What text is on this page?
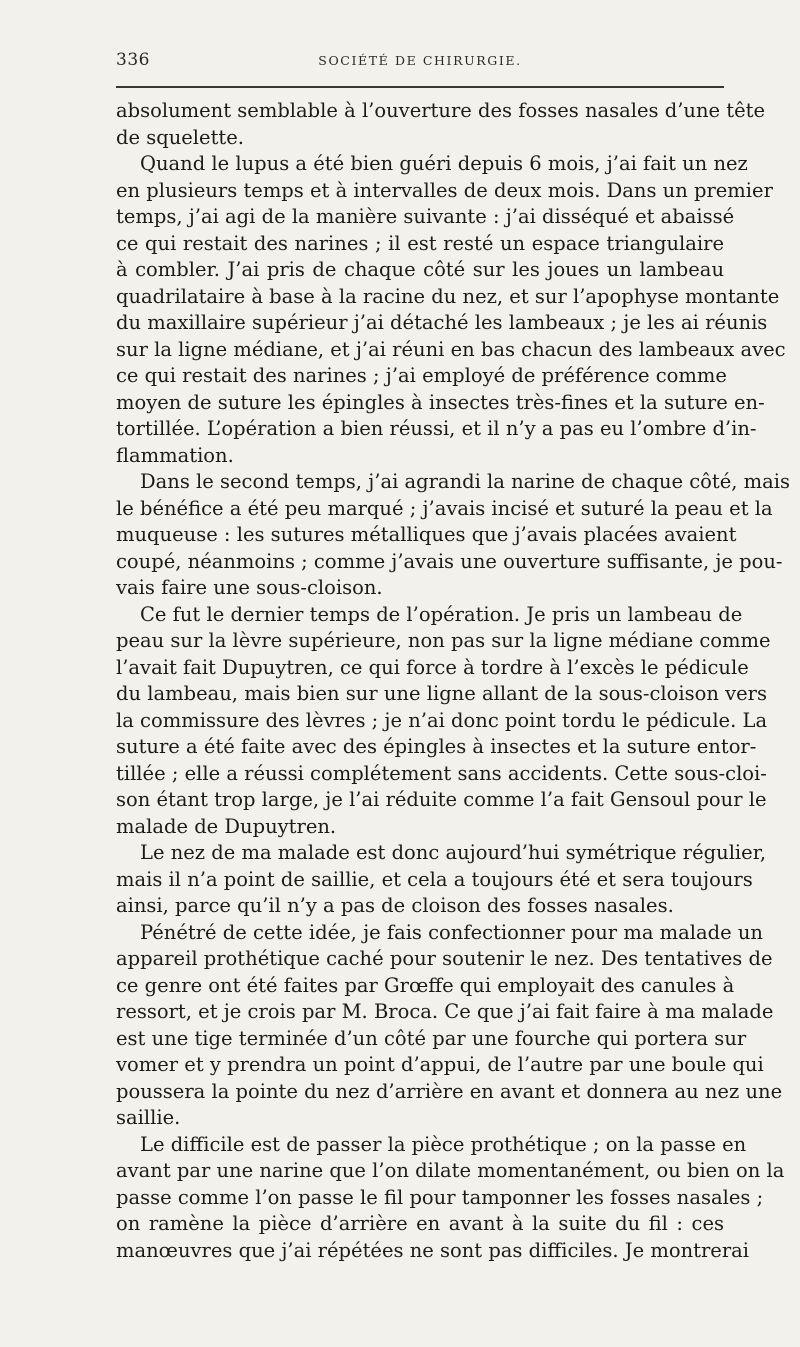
336	SOCIÉTÉ DE CHIRURGIE.
absolument semblable à l’ouverture des fosses nasales d’une tête
de squelette.
Quand le lupus a été bien guéri depuis 6 mois, j’ai fait un nez
en plusieurs temps et à intervalles de deux mois. Dans un premier
temps, j’ai agi de la manière suivante : j’ai disséqué et abaissé
ce qui restait des narines ; il est resté un espace triangulaire
à combler. J’ai pris de chaque côté sur les joues un lambeau
quadrilataire à base à la racine du nez, et sur l’apophyse montante
du maxillaire supérieur j’ai détaché les lambeaux ; je les ai réunis
sur la ligne médiane, et j’ai réuni en bas chacun des lambeaux avec
ce qui restait des narines ; j’ai employé de préférence comme
moyen de suture les épingles à insectes très-fines et la suture en-
tortillée. L’opération a bien réussi, et il n’y a pas eu l’ombre d’in-
flammation.
Dans le second temps, j’ai agrandi la narine de chaque côté, mais
le bénéfice a été peu marqué ; j’avais incisé et suturé la peau et la
muqueuse : les sutures métalliques que j’avais placées avaient
coupé, néanmoins ; comme j’avais une ouverture suffisante, je pou-
vais faire une sous-cloison.
Ce fut le dernier temps de l’opération. Je pris un lambeau de
peau sur la lèvre supérieure, non pas sur la ligne médiane comme
l’avait fait Dupuytren, ce qui force à tordre à l’excès le pédicule
du lambeau, mais bien sur une ligne allant de la sous-cloison vers
la commissure des lèvres ; je n’ai donc point tordu le pédicule. La
suture a été faite avec des épingles à insectes et la suture entor-
tillée ; elle a réussi complétement sans accidents. Cette sous-cloi-
son étant trop large, je l’ai réduite comme l’a fait Gensoul pour le
malade de Dupuytren.
Le nez de ma malade est donc aujourd’hui symétrique régulier,
mais il n’a point de saillie, et cela a toujours été et sera toujours
ainsi, parce qu’il n’y a pas de cloison des fosses nasales.
Pénétré de cette idée, je fais confectionner pour ma malade un
appareil prothétique caché pour soutenir le nez. Des tentatives de
ce genre ont été faites par Grœffe qui employait des canules à
ressort, et je crois par M. Broca. Ce que j’ai fait faire à ma malade
est une tige terminée d’un côté par une fourche qui portera sur
vomer et y prendra un point d’appui, de l’autre par une boule qui
poussera la pointe du nez d’arrière en avant et donnera au nez une
saillie.
Le difficile est de passer la pièce prothétique ; on la passe en
avant par une narine que l’on dilate momentanément, ou bien on la
passe comme l’on passe le fil pour tamponner les fosses nasales ;
on ramène la pièce d’arrière en avant à la suite du fil : ces
manœuvres que j’ai répétées ne sont pas difficiles. Je montrerai
